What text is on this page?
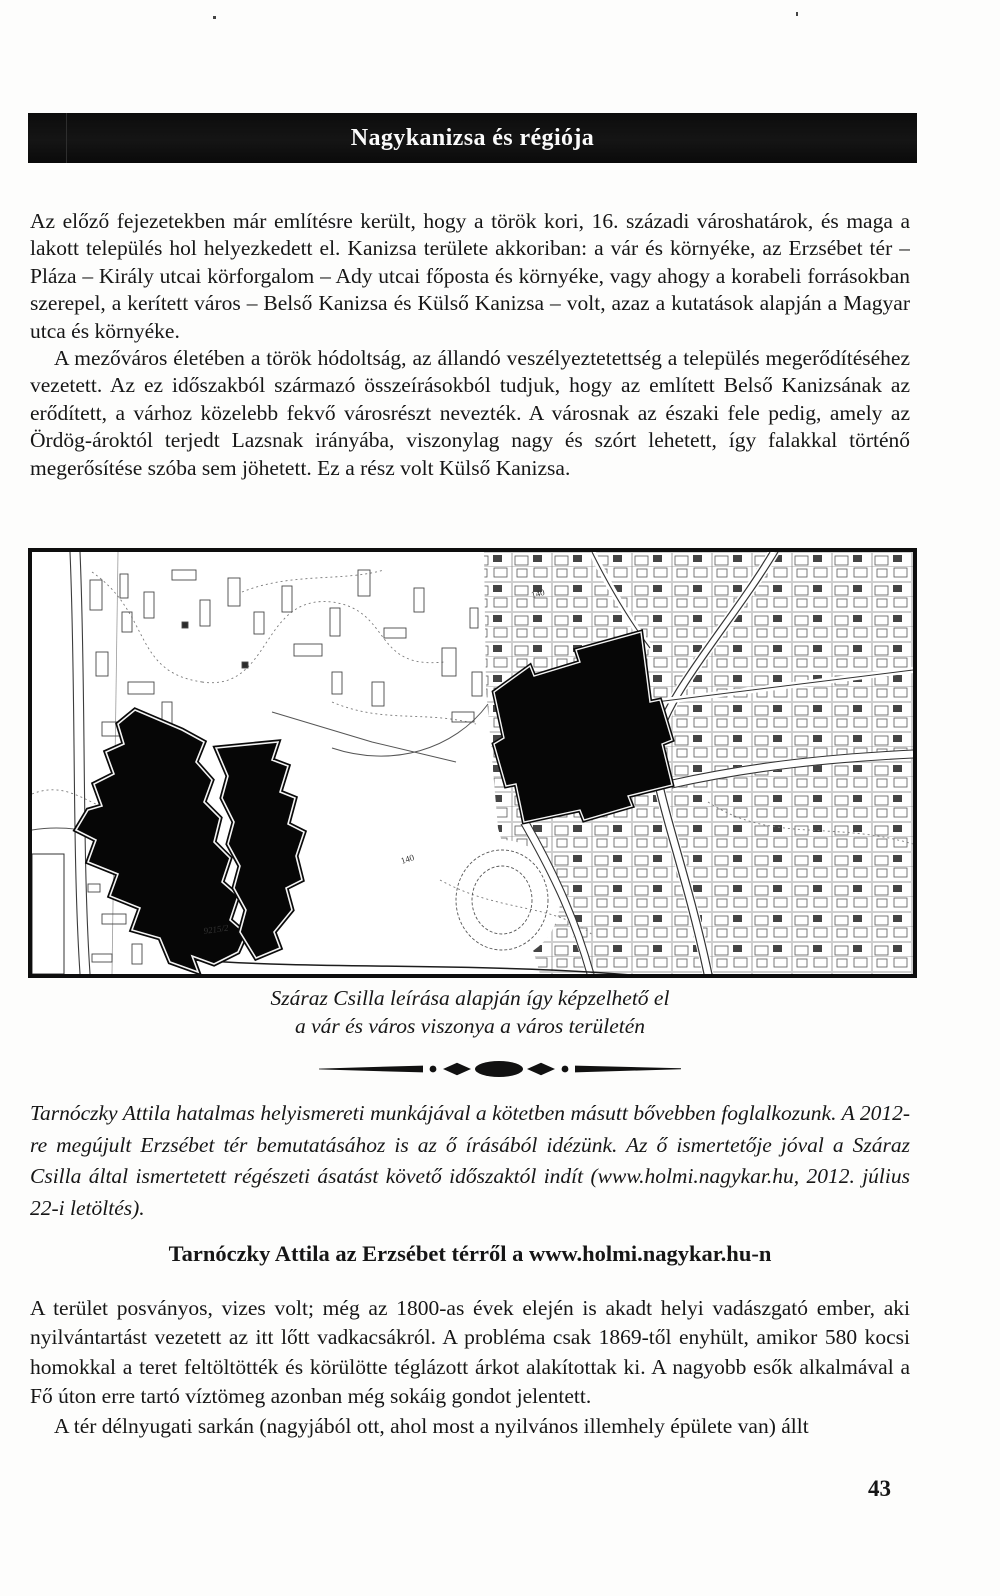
Nagykanizsa és régiója

Az előző fejezetekben már említésre került, hogy a török kori, 16. századi városhatárok, és maga a lakott település hol helyezkedett el. Kanizsa területe akkoriban: a vár és környéke, az Erzsébet tér – Pláza – Király utcai körforgalom – Ady utcai főposta és környéke, vagy ahogy a korabeli forrásokban szerepel, a kerített város – Belső Kanizsa és Külső Kanizsa – volt, azaz a kutatások alapján a Magyar utca és környéke.

A mezőváros életében a török hódoltság, az állandó veszélyeztetettség a település megerődítéséhez vezetett. Az ez időszakból származó összeírásokból tudjuk, hogy az említett Belső Kanizsának az erődített, a várhoz közelebb fekvő városrészt nevezték. A városnak az északi fele pedig, amely az Ördög-ároktól terjedt Lazsnak irányába, viszonylag nagy és szórt lehetett, így falakkal történő megerősítése szóba sem jöhetett. Ez a rész volt Külső Kanizsa.

9215/2
140
140
Száraz Csilla leírása alapján így képzelhető el
a vár és város viszonya a város területén
Tarnóczky Attila hatalmas helyismereti munkájával a kötetben másutt bővebben foglalkozunk. A 2012-re megújult Erzsébet tér bemutatásához is az ő írásából idézünk. Az ő ismertetője jóval a Száraz Csilla által ismertetett régészeti ásatást követő időszaktól indít (www.holmi.nagykar.hu, 2012. július 22-i letöltés).
Tarnóczky Attila az Erzsébet térről a www.holmi.nagykar.hu-n

A terület posványos, vizes volt; még az 1800-as évek elején is akadt helyi vadászgató ember, aki nyilvántartást vezetett az itt lőtt vadkacsákról. A probléma csak 1869-től enyhült, amikor 580 kocsi homokkal a teret feltöltötték és körülötte téglázott árkot alakítottak ki. A nagyobb esők alkalmával a Fő úton erre tartó víztömeg azonban még sokáig gondot jelentett.

A tér délnyugati sarkán (nagyjából ott, ahol most a nyilvános illemhely épülete van) állt

43
